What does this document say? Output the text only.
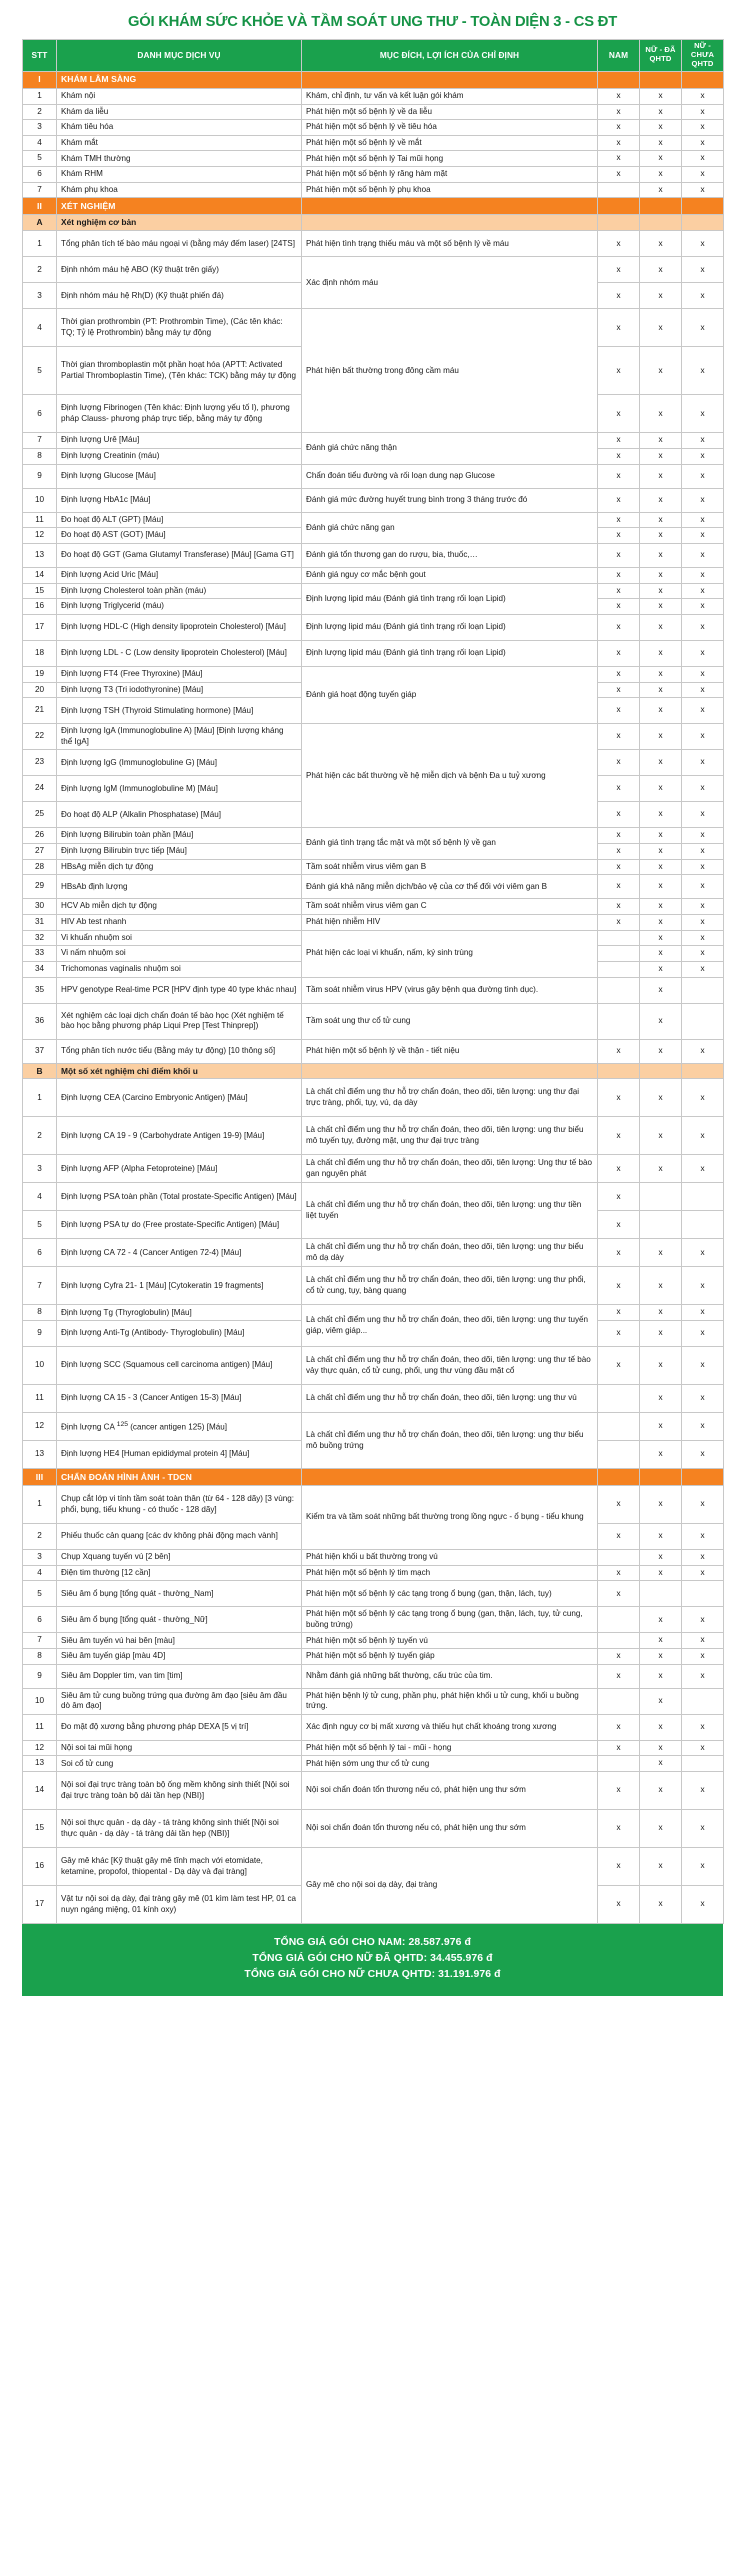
GÓI KHÁM SỨC KHỎE VÀ TẦM SOÁT UNG THƯ - TOÀN DIỆN 3 - CS ĐT
STT	DANH MỤC DỊCH VỤ	MỤC ĐÍCH, LỢI ÍCH CỦA CHỈ ĐỊNH	NAM	NỮ - ĐÃ QHTD	NỮ - CHƯA QHTD
I	KHÁM LÂM SÀNG				
1	Khám nội	Khám, chỉ định, tư vấn và kết luận gói khám	x	x	x
2	Khám da liễu	Phát hiện một số bệnh lý về da liễu	x	x	x
3	Khám tiêu hóa	Phát hiện một số bệnh lý về tiêu hóa	x	x	x
4	Khám mắt	Phát hiện một số bệnh lý về mắt	x	x	x
5	Khám TMH thường	Phát hiện một số bệnh lý Tai mũi họng	x	x	x
6	Khám RHM	Phát hiện một số bệnh lý răng hàm mặt	x	x	x
7	Khám phụ khoa	Phát hiện một số bệnh lý phụ khoa		x	x
II	XÉT NGHIỆM				
A	Xét nghiệm cơ bản				
1	Tổng phân tích tế bào máu ngoại vi (bằng máy đếm laser) [24TS]	Phát hiện tình trạng thiếu máu và một số bệnh lý về máu	x	x	x
2	Định nhóm máu hệ ABO (Kỹ thuật trên giấy)	Xác định nhóm máu	x	x	x
3	Định nhóm máu hệ Rh(D) (Kỹ thuật phiến đá)		x	x	x
4	Thời gian prothrombin (PT: Prothrombin Time), (Các tên khác: TQ; Tỷ lệ Prothrombin) bằng máy tự động	Phát hiện bất thường trong đông cầm máu	x	x	x
5	Thời gian thromboplastin một phần hoạt hóa (APTT: Activated Partial Thromboplastin Time), (Tên khác: TCK) bằng máy tự động		x	x	x
6	Định lượng Fibrinogen (Tên khác: Định lượng yếu tố I), phương pháp Clauss- phương pháp trực tiếp, bằng máy tự động		x	x	x
7	Định lượng Urê [Máu]	Đánh giá chức năng thận	x	x	x
8	Định lượng Creatinin (máu)		x	x	x
9	Định lượng Glucose [Máu]	Chẩn đoán tiểu đường và rối loạn dung nạp Glucose	x	x	x
10	Định lượng HbA1c [Máu]	Đánh giá mức đường huyết trung bình trong 3 tháng trước đó	x	x	x
11	Đo hoạt độ ALT (GPT) [Máu]	Đánh giá chức năng gan	x	x	x
12	Đo hoạt độ AST (GOT) [Máu]		x	x	x
13	Đo hoạt độ GGT (Gama Glutamyl Transferase) [Máu] [Gama GT]	Đánh giá tổn thương gan do rượu, bia, thuốc,…	x	x	x
14	Định lượng Acid Uric [Máu]	Đánh giá nguy cơ mắc bệnh gout	x	x	x
15	Định lượng Cholesterol toàn phần (máu)	Định lượng lipid máu (Đánh giá tình trạng rối loạn Lipid)	x	x	x
16	Định lượng Triglycerid (máu)		x	x	x
17	Định lượng HDL-C (High density lipoprotein Cholesterol) [Máu]	Định lượng lipid máu (Đánh giá tình trạng rối loạn Lipid)	x	x	x
18	Định lượng LDL - C (Low density lipoprotein Cholesterol) [Máu]	Định lượng lipid máu (Đánh giá tình trạng rối loạn Lipid)	x	x	x
19	Định lượng FT4 (Free Thyroxine) [Máu]	Đánh giá hoạt động tuyến giáp	x	x	x
20	Định lượng T3 (Tri iodothyronine) [Máu]		x	x	x
21	Định lượng TSH (Thyroid Stimulating hormone) [Máu]		x	x	x
22	Định lượng IgA (Immunoglobuline A) [Máu] [Định lượng kháng thể IgA]	Phát hiện các bất thường về hệ miễn dịch và bệnh Đa u tuỷ xương	x	x	x
23	Định lượng IgG (Immunoglobuline G) [Máu]		x	x	x
24	Định lượng IgM (Immunoglobuline M) [Máu]		x	x	x
25	Đo hoạt độ ALP (Alkalin Phosphatase) [Máu]		x	x	x
26	Định lượng Bilirubin toàn phần [Máu]	Đánh giá tình trạng tắc mật và một số bệnh lý về gan	x	x	x
27	Định lượng Bilirubin trực tiếp [Máu]		x	x	x
28	HBsAg miễn dịch tự động	Tầm soát nhiễm virus viêm gan B	x	x	x
29	HBsAb định lượng	Đánh giá khả năng miễn dịch/bảo vệ của cơ thể đối với viêm gan B	x	x	x
30	HCV Ab miễn dịch tự động	Tầm soát nhiễm virus viêm gan C	x	x	x
31	HIV Ab test nhanh	Phát hiện nhiễm HIV	x	x	x
32	Vi khuẩn nhuộm soi	Phát hiện các loại vi khuẩn, nấm, ký sinh trùng		x	x
33	Vi nấm nhuộm soi			x	x
34	Trichomonas vaginalis nhuộm soi			x	x
35	HPV genotype Real-time PCR [HPV định type 40 type khác nhau]	Tầm soát nhiễm virus HPV (virus gây bệnh qua đường tình dục).		x	
36	Xét nghiệm các loại dịch chẩn đoán tế bào học (Xét nghiệm tế bào học bằng phương pháp Liqui Prep [Test Thinprep])	Tầm soát ung thư cổ tử cung		x	
37	Tổng phân tích nước tiểu (Bằng máy tự động) [10 thông số]	Phát hiện một số bệnh lý về thận - tiết niệu	x	x	x
B	Một số xét nghiệm chỉ điểm khối u				
1	Định lượng CEA (Carcino Embryonic Antigen) [Máu]	Là chất chỉ điểm ung thư hỗ trợ chẩn đoán, theo dõi, tiên lượng: ung thư đại trực tràng, phổi, tụy, vú, dạ dày	x	x	x
2	Định lượng CA 19 - 9 (Carbohydrate Antigen 19-9) [Máu]	Là chất chỉ điểm ung thư hỗ trợ chẩn đoán, theo dõi, tiên lượng: ung thư biểu mô tuyến tụy, đường mật, ung thư đại trực tràng	x	x	x
3	Định lượng AFP (Alpha Fetoproteine) [Máu]	Là chất chỉ điểm ung thư hỗ trợ chẩn đoán, theo dõi, tiên lượng: Ung thư tế bào gan nguyên phát	x	x	x
4	Định lượng PSA toàn phần (Total prostate-Specific Antigen) [Máu]	Là chất chỉ điểm ung thư hỗ trợ chẩn đoán, theo dõi, tiên lượng: ung thư tiền liệt tuyến	x		
5	Định lượng PSA tự do (Free prostate-Specific Antigen) [Máu]		x		
6	Định lượng CA 72 - 4 (Cancer Antigen 72-4) [Máu]	Là chất chỉ điểm ung thư hỗ trợ chẩn đoán, theo dõi, tiên lượng: ung thư biểu mô dạ dày	x	x	x
7	Định lượng Cyfra 21- 1 [Máu] [Cytokeratin 19 fragments]	Là chất chỉ điểm ung thư hỗ trợ chẩn đoán, theo dõi, tiên lượng: ung thư phổi, cổ tử cung, tụy, bàng quang	x	x	x
8	Định lượng Tg (Thyroglobulin) [Máu]	Là chất chỉ điểm ung thư hỗ trợ chẩn đoán, theo dõi, tiên lượng: ung thư tuyến giáp, viêm giáp...	x	x	x
9	Định lượng Anti-Tg (Antibody- Thyroglobulin) [Máu]		x	x	x
10	Định lượng SCC (Squamous cell carcinoma antigen) [Máu]	Là chất chỉ điểm ung thư hỗ trợ chẩn đoán, theo dõi, tiên lượng: ung thư tế bào vảy thực quản, cổ tử cung, phổi, ung thư vùng đầu mặt cổ	x	x	x
11	Định lượng CA 15 - 3 (Cancer Antigen 15-3) [Máu]	Là chất chỉ điểm ung thư hỗ trợ chẩn đoán, theo dõi, tiên lượng: ung thư vú		x	x
12	Định lượng CA $^{125}$ (cancer antigen 125) [Máu]	Là chất chỉ điểm ung thư hỗ trợ chẩn đoán, theo dõi, tiên lượng: ung thư biểu mô buồng trứng		x	x
13	Định lượng HE4 [Human epididymal protein 4] [Máu]			x	x
III	CHẨN ĐOÁN HÌNH ẢNH - TDCN				
1	Chụp cắt lớp vi tính tầm soát toàn thân (từ 64 - 128 dãy) [3 vùng: phổi, bụng, tiểu khung - có thuốc - 128 dãy]	Kiểm tra và tầm soát những bất thường trong lồng ngực - ổ bụng - tiểu khung	x	x	x
2	Phiếu thuốc cản quang [các dv không phải động mạch vành]		x	x	x
3	Chụp Xquang tuyến vú [2 bên]	Phát hiện khối u bất thường trong vú		x	x
4	Điện tim thường [12 cần]	Phát hiện một số bệnh lý tim mạch	x	x	x
5	Siêu âm ổ bụng [tổng quát - thường_Nam]	Phát hiện một số bệnh lý các tạng trong ổ bụng (gan, thận, lách, tụy)	x		
6	Siêu âm ổ bụng [tổng quát - thường_Nữ]	Phát hiện một số bệnh lý các tạng trong ổ bụng (gan, thận, lách, tụy, tử cung, buồng trứng)		x	x
7	Siêu âm tuyến vú hai bên [màu]	Phát hiện một số bệnh lý tuyến vú		x	x
8	Siêu âm tuyến giáp [màu 4D]	Phát hiện một số bệnh lý tuyến giáp	x	x	x
9	Siêu âm Doppler tim, van tim [tim]	Nhằm đánh giá những bất thường, cấu trúc của tim.	x	x	x
10	Siêu âm tử cung buồng trứng qua đường âm đạo [siêu âm đầu dò âm đạo]	Phát hiện bệnh lý tử cung, phần phụ, phát hiện khối u tử cung, khối u buồng trứng.		x	
11	Đo mật độ xương bằng phương pháp DEXA [5 vị trí]	Xác định nguy cơ bị mất xương và thiếu hụt chất khoáng trong xương	x	x	x
12	Nội soi tai mũi họng	Phát hiện một số bệnh lý tai - mũi - họng	x	x	x
13	Soi cổ tử cung	Phát hiện sớm ung thư cổ tử cung		x	
14	Nội soi đại trực tràng toàn bộ ống mềm không sinh thiết [Nội soi đại trực tràng toàn bộ dải tần hẹp (NBI)]	Nội soi chẩn đoán tổn thương nếu có, phát hiện ung thư sớm	x	x	x
15	Nội soi thực quản - dạ dày - tá tràng không sinh thiết [Nội soi thực quản - dạ dày - tá tràng dải tần hẹp (NBI)]	Nội soi chẩn đoán tổn thương nếu có, phát hiện ung thư sớm	x	x	x
16	Gây mê khác [Kỹ thuật gây mê tĩnh mạch với etomidate, ketamine, propofol, thiopental - Dạ dày và đại tràng]	Gây mê cho nội soi dạ dày, đại tràng	x	x	x
17	Vật tư nội soi dạ dày, đại tràng gây mê (01 kìm làm test HP, 01 ca nuyn ngáng miệng, 01 kính oxy)		x	x	x
TỔNG GIÁ GÓI CHO NAM: 28.587.976 đ
TỔNG GIÁ GÓI CHO NỮ ĐÃ QHTD: 34.455.976 đ
TỔNG GIÁ GÓI CHO NỮ CHƯA QHTD: 31.191.976 đ
